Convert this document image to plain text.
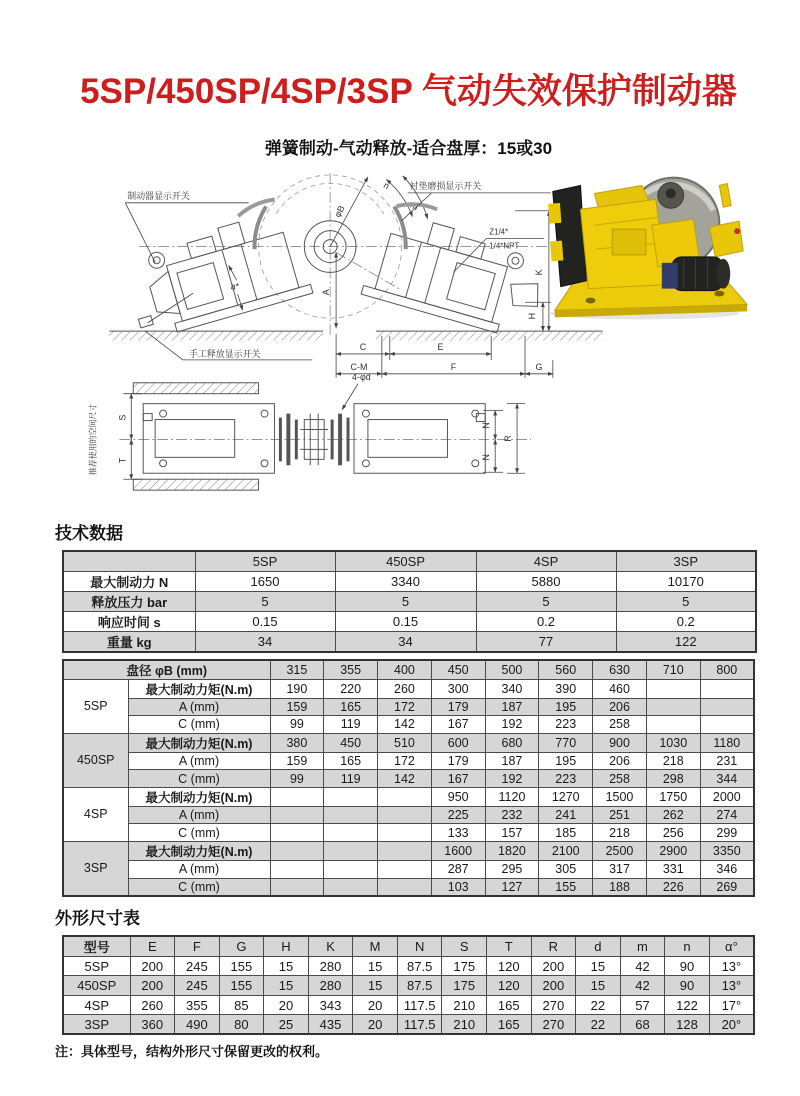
5SP/450SP/4SP/3SP 气动失效保护制动器
弹簧制动-气动释放-适合盘厚：15或30
φB
n
m
A
K
H
C	E
C-M	F	G
a*
制动器显示开关
衬垫磨损显示开关
Z1/4*
1/4*NPT
手工释放显示开关
推荐使用的空间尺寸
4-φd
S
T
N
N
R
技术数据
	5SP	450SP	4SP	3SP
最大制动力 N	1650	3340	5880	10170
释放压力 bar	5	5	5	5
响应时间 s	0.15	0.15	0.2	0.2
重量 kg	34	34	77	122
盘径 φB (mm)		315	355	400	450	500	560	630	710	800
5SP	最大制动力矩(N.m)	190	220	260	300	340	390	460		
	A (mm)	159	165	172	179	187	195	206		
	C (mm)	99	119	142	167	192	223	258		
450SP	最大制动力矩(N.m)	380	450	510	600	680	770	900	1030	1180
	A (mm)	159	165	172	179	187	195	206	218	231
	C (mm)	99	119	142	167	192	223	258	298	344
4SP	最大制动力矩(N.m)				950	1120	1270	1500	1750	2000
	A (mm)				225	232	241	251	262	274
	C (mm)				133	157	185	218	256	299
3SP	最大制动力矩(N.m)				1600	1820	2100	2500	2900	3350
	A (mm)				287	295	305	317	331	346
	C (mm)				103	127	155	188	226	269
外形尺寸表
型号	E	F	G	H	K	M	N	S	T	R	d	m	n	α°
5SP	200	245	155	15	280	15	87.5	175	120	200	15	42	90	13°
450SP	200	245	155	15	280	15	87.5	175	120	200	15	42	90	13°
4SP	260	355	85	20	343	20	117.5	210	165	270	22	57	122	17°
3SP	360	490	80	25	435	20	117.5	210	165	270	22	68	128	20°
注：具体型号，结构外形尺寸保留更改的权利。
